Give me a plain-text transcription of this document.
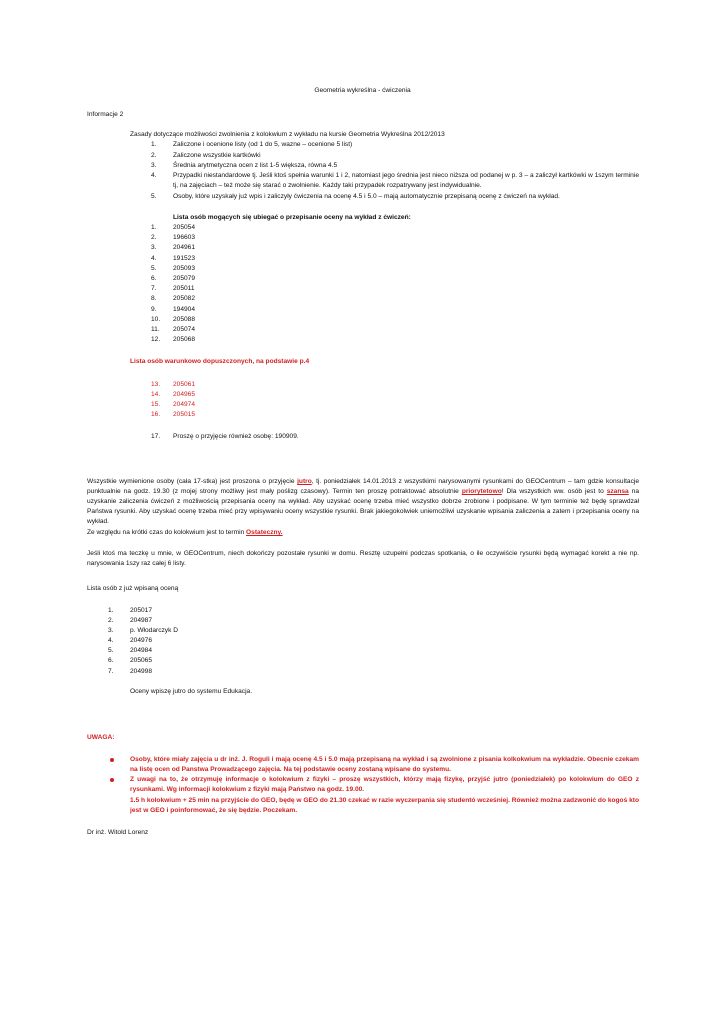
Geometria wykreślna - ćwiczenia
Informacje 2
Zasady dotyczące możliwości zwolnienia z kolokwium z wykładu na kursie Geometria Wykreślna 2012/2013
1.	Zaliczone i ocenione listy (od 1 do 5, wazne – ocenione 5 list)
2.	Zaliczone wszystkie kartkówki
3.	Średnia arytmetyczna ocen z list 1-5 większa, równa 4.5
4.	Przypadki niestandardowe tj. Jeśli ktoś spełnia warunki 1 i 2, natomiast jego średnia jest nieco niższa od podanej w p. 3 – a zaliczył kartkówki w 1szym terminie tj, na zajęciach – też może się starać o zwolnienie. Każdy taki przypadek rozpatrywany jest indywidualnie.
5.	Osoby, które uzyskały już wpis i zaliczyły ćwiczenia na ocenę 4.5 i 5.0 – mają automatycznie przepisaną ocenę z ćwiczeń na wykład.
Lista osób mogących się ubiegać o przepisanie oceny na wykład z ćwiczeń:
1.	205054
2.	196603
3.	204961
4.	191523
5.	205093
6.	205079
7.	205011
8.	205082
9.	194904
10. 205088
11. 205074
12. 205068
Lista osób warunkowo dopuszczonych, na podstawie p.4
13. 205061
14. 204965
15. 204974
16. 205015
17. Proszę o przyjęcie również osobę: 190909.
Wszystkie wymienione osoby (cała 17-stka) jest proszona o przyjęcie jutro, tj. poniedziałek 14.01.2013 z wszystkimi narysowanymi rysunkami do GEOCentrum – tam gdzie konsultacje punktualnie na godz. 19.30 (z mojej strony możliwy jest mały poślizg czasowy). Termin ten proszę potraktować absolutnie priorytetowo! Dla wszystkich ww. osób jest to szansa na uzyskanie zaliczenia ćwiczeń z możliwością przepisania oceny na wykład. Aby uzyskać ocenę trzeba mieć wszystko dobrze zrobione i podpisane. W tym terminie też będę sprawdzał Państwa rysunki. Aby uzyskać ocenę trzeba mieć przy wpisywaniu oceny wszystkie rysunki. Brak jakiegokolwiek uniemożliwi uzyskanie wpisania zaliczenia a zatem i przepisania oceny na wykład.
Ze względu na krótki czas do kolokwium jest to termin Ostateczny.
Jeśli ktoś ma teczkę u mnie, w GEOCentrum, niech dokończy pozostałe rysunki w domu. Resztę uzupełni podczas spotkania, o ile oczywiście rysunki będą wymagać korekt a nie np. narysowania 1szy raz całej 6 listy.
Lista osób z już wpisaną oceną
1.	205017
2.	204987
3.	p. Włodarczyk D
4.	204976
5.	204984
6.	205065
7.	204998
Oceny wpiszę jutro do systemu Edukacja.
UWAGA:
Osoby, które miały zajęcia u dr inż. J. Roguli i mają ocenę 4.5 i 5.0 mają przepisaną na wykład i są zwolnione z pisania kolkokwium na wykładzie. Obecnie czekam na listę ocen od Panstwa Prowadzącego zajęcia. Na tej podstawie oceny zostaną wpisane do systemu.
Z uwagi na to, że otrzymuję informacje o kolokwium z fizyki – proszę wszystkich, którzy mają fizykę, przyjść jutro (poniedziałek) po kolokwium do GEO z rysunkami. Wg informacji kolokwium z fizyki mają Państwo na godz. 19.00.
1.5 h kolokwium + 25 min na przyjście do GEO, będę w GEO do 21.30 czekać w razie wyczerpania się studentó wcześniej. Również można zadzwonić do kogoś kto jest w GEO i poinformować, że się będzie. Poczekam.
Dr inż. Witold Lorenz
